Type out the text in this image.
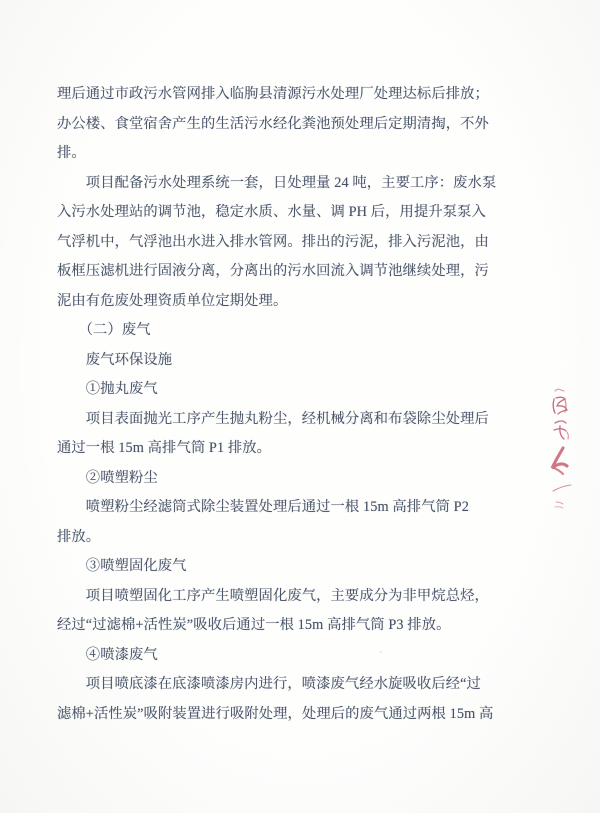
理后通过市政污水管网排入临朐县清源污水处理厂处理达标后排放；
办公楼、食堂宿舍产生的生活污水经化粪池预处理后定期清掏，不外
排。
　　项目配备污水处理系统一套，日处理量 24 吨，主要工序：废水泵
入污水处理站的调节池，稳定水质、水量、调 PH 后，用提升泵泵入
气浮机中，气浮池出水进入排水管网。排出的污泥，排入污泥池，由
板框压滤机进行固液分离，分离出的污水回流入调节池继续处理，污
泥由有危废处理资质单位定期处理。
　　（二）废气
　　废气环保设施
　　①抛丸废气
　　项目表面抛光工序产生抛丸粉尘，经机械分离和布袋除尘处理后
通过一根 15m 高排气筒 P1 排放。
　　②喷塑粉尘
　　喷塑粉尘经滤筒式除尘装置处理后通过一根 15m 高排气筒 P2
排放。
　　③喷塑固化废气
　　项目喷塑固化工序产生喷塑固化废气，主要成分为非甲烷总烃，
经过“过滤棉+活性炭”吸收后通过一根 15m 高排气筒 P3 排放。
　　④喷漆废气
　　项目喷底漆在底漆喷漆房内进行，喷漆废气经水旋吸收后经“过
滤棉+活性炭”吸附装置进行吸附处理，处理后的废气通过两根 15m 高
ˊ
